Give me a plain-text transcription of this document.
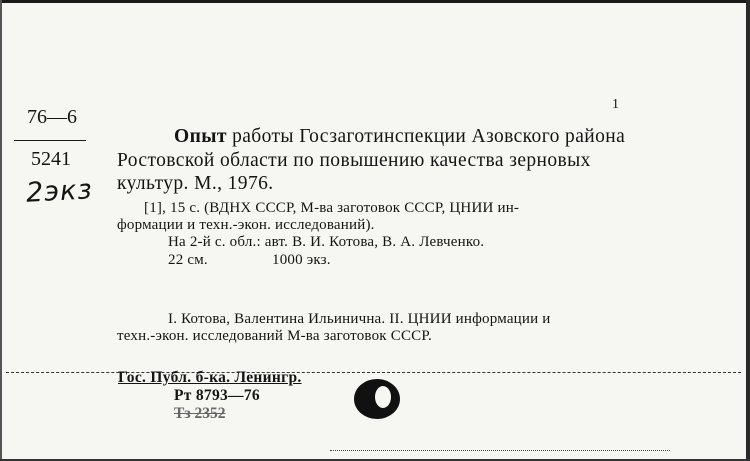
76—6
5241
2экз
1
Опыт работы Госзаготинспекции Азовского района
Ростовской области по повышению качества зерновых
культур. М., 1976.
[1], 15 с. (ВДНХ СССР, М-ва заготовок СССР, ЦНИИ ин-
формации и техн.-экон. исследований).
На 2-й с. обл.: авт. В. И. Котова, В. А. Левченко.
22 см.	1000 экз.
I. Котова, Валентина Ильинична. II. ЦНИИ информации и
техн.-экон. исследований М-ва заготовок СССР.
Гос. Публ. б-ка. Ленингр.
Рт 8793—76
Тз 2352
